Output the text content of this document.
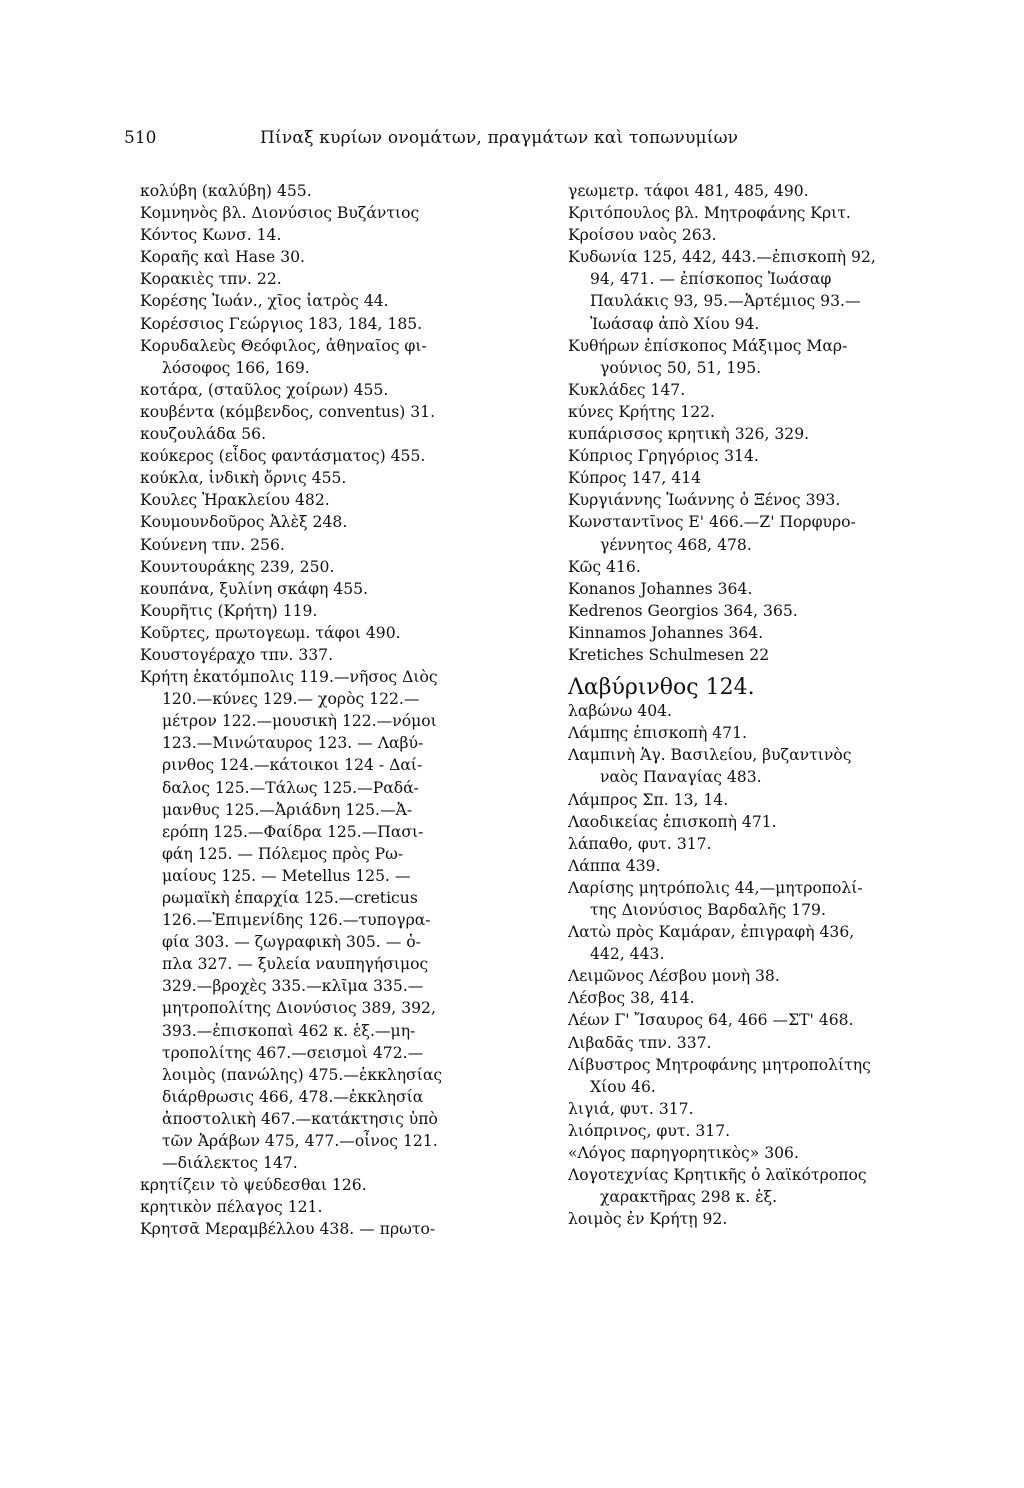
510	Πίναξ κυρίων ονομάτων, πραγμάτων καὶ τοπωνυμίων
κολύβη (καλύβη) 455.
Κομνηνὸς βλ. Διονύσιος Βυζάντιος
Κόντος Κωνσ. 14.
Κοραῆς καὶ Hase 30.
Κορακιὲς τπν. 22.
Κορέσης Ἰωάν., χῖος ἰατρὸς 44.
Κορέσσιος Γεώργιος 183, 184, 185.
Κορυδαλεὺς Θεόφιλος, ἀθηναῖος φι-
λόσοφος 166, 169.
κοτάρα, (σταῦλος χοίρων) 455.
κουβέντα (κόμβενδος, conventus) 31.
κουζουλάδα 56.
κούκερος (εἶδος φαντάσματος) 455.
κούκλα, ἰνδικὴ ὄρνις 455.
Κουλες Ἡρακλείου 482.
Κουμουνδοῦρος Ἀλὲξ 248.
Κούνενη τπν. 256.
Κουντουράκης 239, 250.
κουπάνα, ξυλίνη σκάφη 455.
Κουρῆτις (Κρήτη) 119.
Κοῦρτες, πρωτογεωμ. τάφοι 490.
Κουστογέραχο τπν. 337.
Κρήτη ἑκατόμπολις 119.—νῆσος Διὸς
120.—κύνες 129.— χορὸς 122.—
μέτρον 122.—μουσικὴ 122.—νόμοι
123.—Μινώταυρος 123. — Λαβύ-
ρινθος 124.—κάτοικοι 124 - Δαί-
δαλος 125.—Τάλως 125.—Ραδά-
μανθυς 125.—Ἀριάδνη 125.—Ἀ-
ερόπη 125.—Φαίδρα 125.—Πασι-
φάη 125. — Πόλεμος πρὸς Ρω-
μαίους 125. — Metellus 125. —
ρωμαϊκὴ ἐπαρχία 125.—creticus
126.—Ἐπιμενίδης 126.—τυπογρα-
φία 303. — ζωγραφικὴ 305. — ὁ-
πλα 327. — ξυλεία ναυπηγήσιμος
329.—βροχὲς 335.—κλῖμα 335.—
μητροπολίτης Διονύσιος 389, 392,
393.—ἐπισκοπαὶ 462 κ. ἑξ.—μη-
τροπολίτης 467.—σεισμοὶ 472.—
λοιμὸς (πανώλης) 475.—ἐκκλησίας
διάρθρωσις 466, 478.—ἐκκλησία
ἀποστολικὴ 467.—κατάκτησις ὑπὸ
τῶν Ἀράβων 475, 477.—οἶνος 121.
—διάλεκτος 147.
κρητίζειν τὸ ψεύδεσθαι 126.
κρητικὸν πέλαγος 121.
Κρητσᾶ Μεραμβέλλου 438. — πρωτο-
γεωμετρ. τάφοι 481, 485, 490.
Κριτόπουλος βλ. Μητροφάνης Κριτ.
Κροίσου ναὸς 263.
Κυδωνία 125, 442, 443.—ἐπισκοπὴ 92,
94, 471. — ἐπίσκοπος Ἰωάσαφ
Παυλάκις 93, 95.—Ἀρτέμιος 93.—
Ἰωάσαφ ἀπὸ Χίου 94.
Κυθήρων ἐπίσκοπος Μάξιμος Μαρ-
γούνιος 50, 51, 195.
Κυκλάδες 147.
κύνες Κρήτης 122.
κυπάρισσος κρητικὴ 326, 329.
Κύπριος Γρηγόριος 314.
Κύπρος 147, 414
Κυργιάννης Ἰωάννης ὁ Ξένος 393.
Κωνσταντῖνος Ε' 466.—Ζ' Πορφυρο-
γέννητος 468, 478.
Κῶς 416.
Konanos Johannes 364.
Kedrenos Georgios 364, 365.
Kinnamos Johannes 364.
Kretiches Schulmesen 22
Λαβύρινθος 124.
λαβώνω 404.
Λάμπης ἐπισκοπὴ 471.
Λαμπινὴ Ἁγ. Βασιλείου, βυζαντινὸς
ναὸς Παναγίας 483.
Λάμπρος Σπ. 13, 14.
Λαοδικείας ἐπισκοπὴ 471.
λάπαθο, φυτ. 317.
Λάππα 439.
Λαρίσης μητρόπολις 44,—μητροπολί-
της Διονύσιος Βαρδαλῆς 179.
Λατὼ πρὸς Καμάραν, ἐπιγραφὴ 436,
442, 443.
Λειμῶνος Λέσβου μονὴ 38.
Λέσβος 38, 414.
Λέων Γ' Ἴσαυρος 64, 466 —ΣΤ' 468.
Λιβαδᾶς τπν. 337.
Λίβυστρος Μητροφάνης μητροπολίτης
Χίου 46.
λιγιά, φυτ. 317.
λιόπρινος, φυτ. 317.
«Λόγος παρηγορητικὸς» 306.
Λογοτεχνίας Κρητικῆς ὁ λαϊκότροπος
χαρακτῆρας 298 κ. ἑξ.
λοιμὸς ἐν Κρήτῃ 92.
